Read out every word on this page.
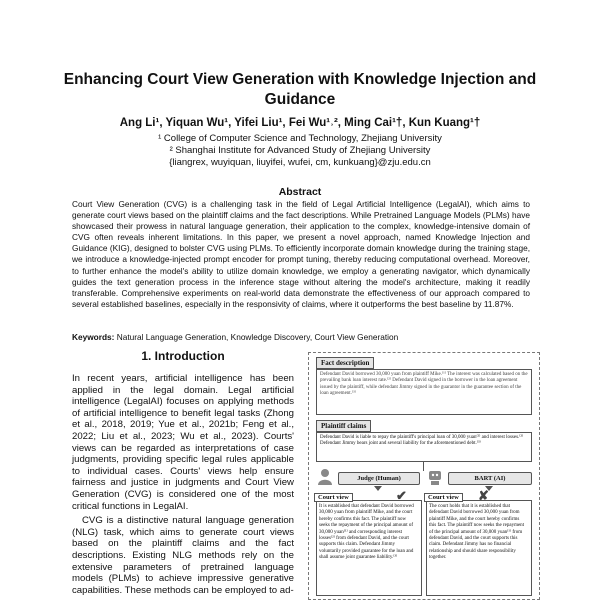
Enhancing Court View Generation with Knowledge Injection and Guidance
Ang Li¹, Yiquan Wu¹, Yifei Liu¹, Fei Wu¹˒², Ming Cai¹†, Kun Kuang¹†
¹ College of Computer Science and Technology, Zhejiang University
² Shanghai Institute for Advanced Study of Zhejiang University
{liangrex, wuyiquan, liuyifei, wufei, cm, kunkuang}@zju.edu.cn
Abstract
Court View Generation (CVG) is a challenging task in the field of Legal Artificial Intelligence (LegalAI), which aims to generate court views based on the plaintiff claims and the fact descriptions. While Pretrained Language Models (PLMs) have showcased their prowess in natural language generation, their application to the complex, knowledge-intensive domain of CVG often reveals inherent limitations. In this paper, we present a novel approach, named Knowledge Injection and Guidance (KIG), designed to bolster CVG using PLMs. To efficiently incorporate domain knowledge during the training stage, we introduce a knowledge-injected prompt encoder for prompt tuning, thereby reducing computational overhead. Moreover, to further enhance the model's ability to utilize domain knowledge, we employ a generating navigator, which dynamically guides the text generation process in the inference stage without altering the model's architecture, making it readily transferable. Comprehensive experiments on real-world data demonstrate the effectiveness of our approach compared to several established baselines, especially in the responsivity of claims, where it outperforms the best baseline by 11.87%.
Keywords: Natural Language Generation, Knowledge Discovery, Court View Generation
1. Introduction

In recent years, artificial intelligence has been applied in the legal domain. Legal artificial intelligence (LegalAI) focuses on applying methods of artificial intelligence to benefit legal tasks (Zhong et al., 2018, 2019; Yue et al., 2021b; Feng et al., 2022; Liu et al., 2023; Wu et al., 2023). Courts' views can be regarded as interpretations of case judgments, providing specific legal rules applicable to individual cases. Courts' views help ensure fairness and justice in judgments and Court View Generation (CVG) is considered one of the most critical functions in LegalAI.

CVG is a distinctive natural language generation (NLG) task, which aims to generate court views based on the plaintiff claims and the fact descriptions. Existing NLG methods rely on the extensive parameters of pretrained language models (PLMs) to achieve impressive generative capabilities. These methods can be employed to ad-

Fact description
Defendant David borrowed 30,000 yuan from plaintiff Mike.⁽¹⁾ The interest was calculated based on the prevailing bank loan interest rate.⁽²⁾ Defendant David signed in the borrower in the loan agreement issued by the plaintiff, while defendant Jimmy signed in the guarantor in the guarantee section of the loan agreement.⁽³⁾
Plaintiff claims
Defendant David is liable to repay the plaintiff's principal loan of 30,000 yuan⁽¹⁾ and interest losses.⁽²⁾ Defendant Jimmy bears joint and several liability for the aforementioned debt.⁽³⁾
Judge (Human)	BART (AI)
Court view	✔
It is established that defendant David borrowed 30,000 yuan from plaintiff Mike, and the court hereby confirms this fact. The plaintiff now seeks the repayment of the principal amount of 30,000 yuan⁽¹⁾ and corresponding interest losses⁽²⁾ from defendant David, and the court supports this claim. Defendant Jimmy voluntarily provided guarantee for the loan and shall assume joint guarantee liability.⁽³⁾
Court view	✘
The court holds that it is established that defendant David borrowed 30,000 yuan from plaintiff Mike, and the court hereby confirms this fact. The plaintiff now seeks the repayment of the principal amount of 30,000 yuan⁽¹⁾ from defendant David, and the court supports this claim. Defendant Jimmy has no financial relationship and should share responsibility together.
